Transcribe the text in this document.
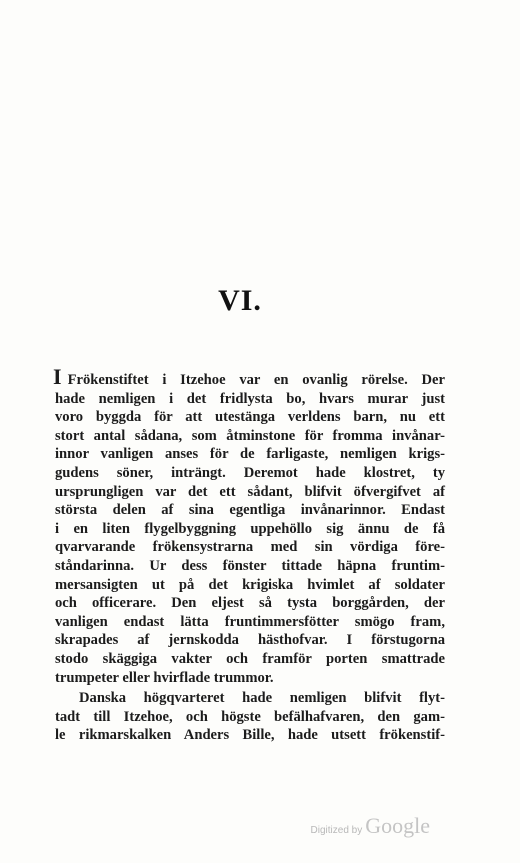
VI.
I Frökenstiftet i Itzehoe var en ovanlig rörelse. Der
hade nemligen i det fridlysta bo, hvars murar just
voro byggda för att utestänga verldens barn, nu ett
stort antal sådana, som åtminstone för fromma invånar-
innor vanligen anses för de farligaste, nemligen krigs-
gudens söner, inträngt. Deremot hade klostret, ty
ursprungligen var det ett sådant, blifvit öfvergifvet af
största delen af sina egentliga invånarinnor. Endast
i en liten flygelbyggning uppehöllo sig ännu de få
qvarvarande frökensystrarna med sin vördiga före-
ståndarinna. Ur dess fönster tittade häpna fruntim-
mersansigten ut på det krigiska hvimlet af soldater
och officerare. Den eljest så tysta borggården, der
vanligen endast lätta fruntimmersfötter smögo fram,
skrapades af jernskodda hästhofvar. I förstugorna
stodo skäggiga vakter och framför porten smattrade
trumpeter eller hvirflade trummor.
Danska högqvarteret hade nemligen blifvit flyt-
tadt till Itzehoe, och högste befälhafvaren, den gam-
le rikmarskalken Anders Bille, hade utsett frökenstif-
Digitized by Google
